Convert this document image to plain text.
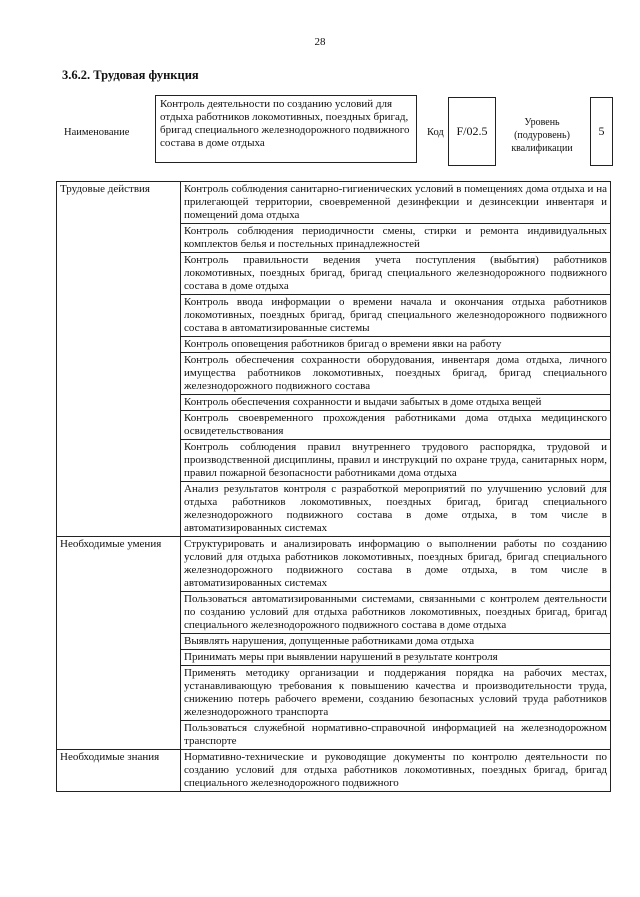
28
3.6.2. Трудовая функция
Наименование
Контроль деятельности по созданию условий для отдыха работников локомотивных, поездных бригад, бригад специального железнодорожного подвижного состава в доме отдыха
Код	F/02.5
Уровень (подуровень) квалификации
5
Трудовые действия	Контроль соблюдения санитарно-гигиенических условий в помещениях дома отдыха и на прилегающей территории, своевременной дезинфекции и дезинсекции инвентаря и помещений дома отдыха
	Контроль соблюдения периодичности смены, стирки и ремонта индивидуальных комплектов белья и постельных принадлежностей
	Контроль правильности ведения учета поступления (выбытия) работников локомотивных, поездных бригад, бригад специального железнодорожного подвижного состава в доме отдыха
	Контроль ввода информации о времени начала и окончания отдыха работников локомотивных, поездных бригад, бригад специального железнодорожного подвижного состава в автоматизированные системы
	Контроль оповещения работников бригад о времени явки на работу
	Контроль обеспечения сохранности оборудования, инвентаря дома отдыха, личного имущества работников локомотивных, поездных бригад, бригад специального железнодорожного подвижного состава
	Контроль обеспечения сохранности и выдачи забытых в доме отдыха вещей
	Контроль своевременного прохождения работниками дома отдыха медицинского освидетельствования
	Контроль соблюдения правил внутреннего трудового распорядка, трудовой и производственной дисциплины, правил и инструкций по охране труда, санитарных норм, правил пожарной безопасности работниками дома отдыха
	Анализ результатов контроля с разработкой мероприятий по улучшению условий для отдыха работников локомотивных, поездных бригад, бригад специального железнодорожного подвижного состава в доме отдыха, в том числе в автоматизированных системах
Необходимые умения	Структурировать и анализировать информацию о выполнении работы по созданию условий для отдыха работников локомотивных, поездных бригад, бригад специального железнодорожного подвижного состава в доме отдыха, в том числе в автоматизированных системах
	Пользоваться автоматизированными системами, связанными с контролем деятельности по созданию условий для отдыха работников локомотивных, поездных бригад, бригад специального железнодорожного подвижного состава в доме отдыха
	Выявлять нарушения, допущенные работниками дома отдыха
	Принимать меры при выявлении нарушений в результате контроля
	Применять методику организации и поддержания порядка на рабочих местах, устанавливающую требования к повышению качества и производительности труда, снижению потерь рабочего времени, созданию безопасных условий труда работников железнодорожного транспорта
	Пользоваться служебной нормативно-справочной информацией на железнодорожном транспорте
Необходимые знания	Нормативно-технические и руководящие документы по контролю деятельности по созданию условий для отдыха работников локомотивных, поездных бригад, бригад специального железнодорожного подвижного
